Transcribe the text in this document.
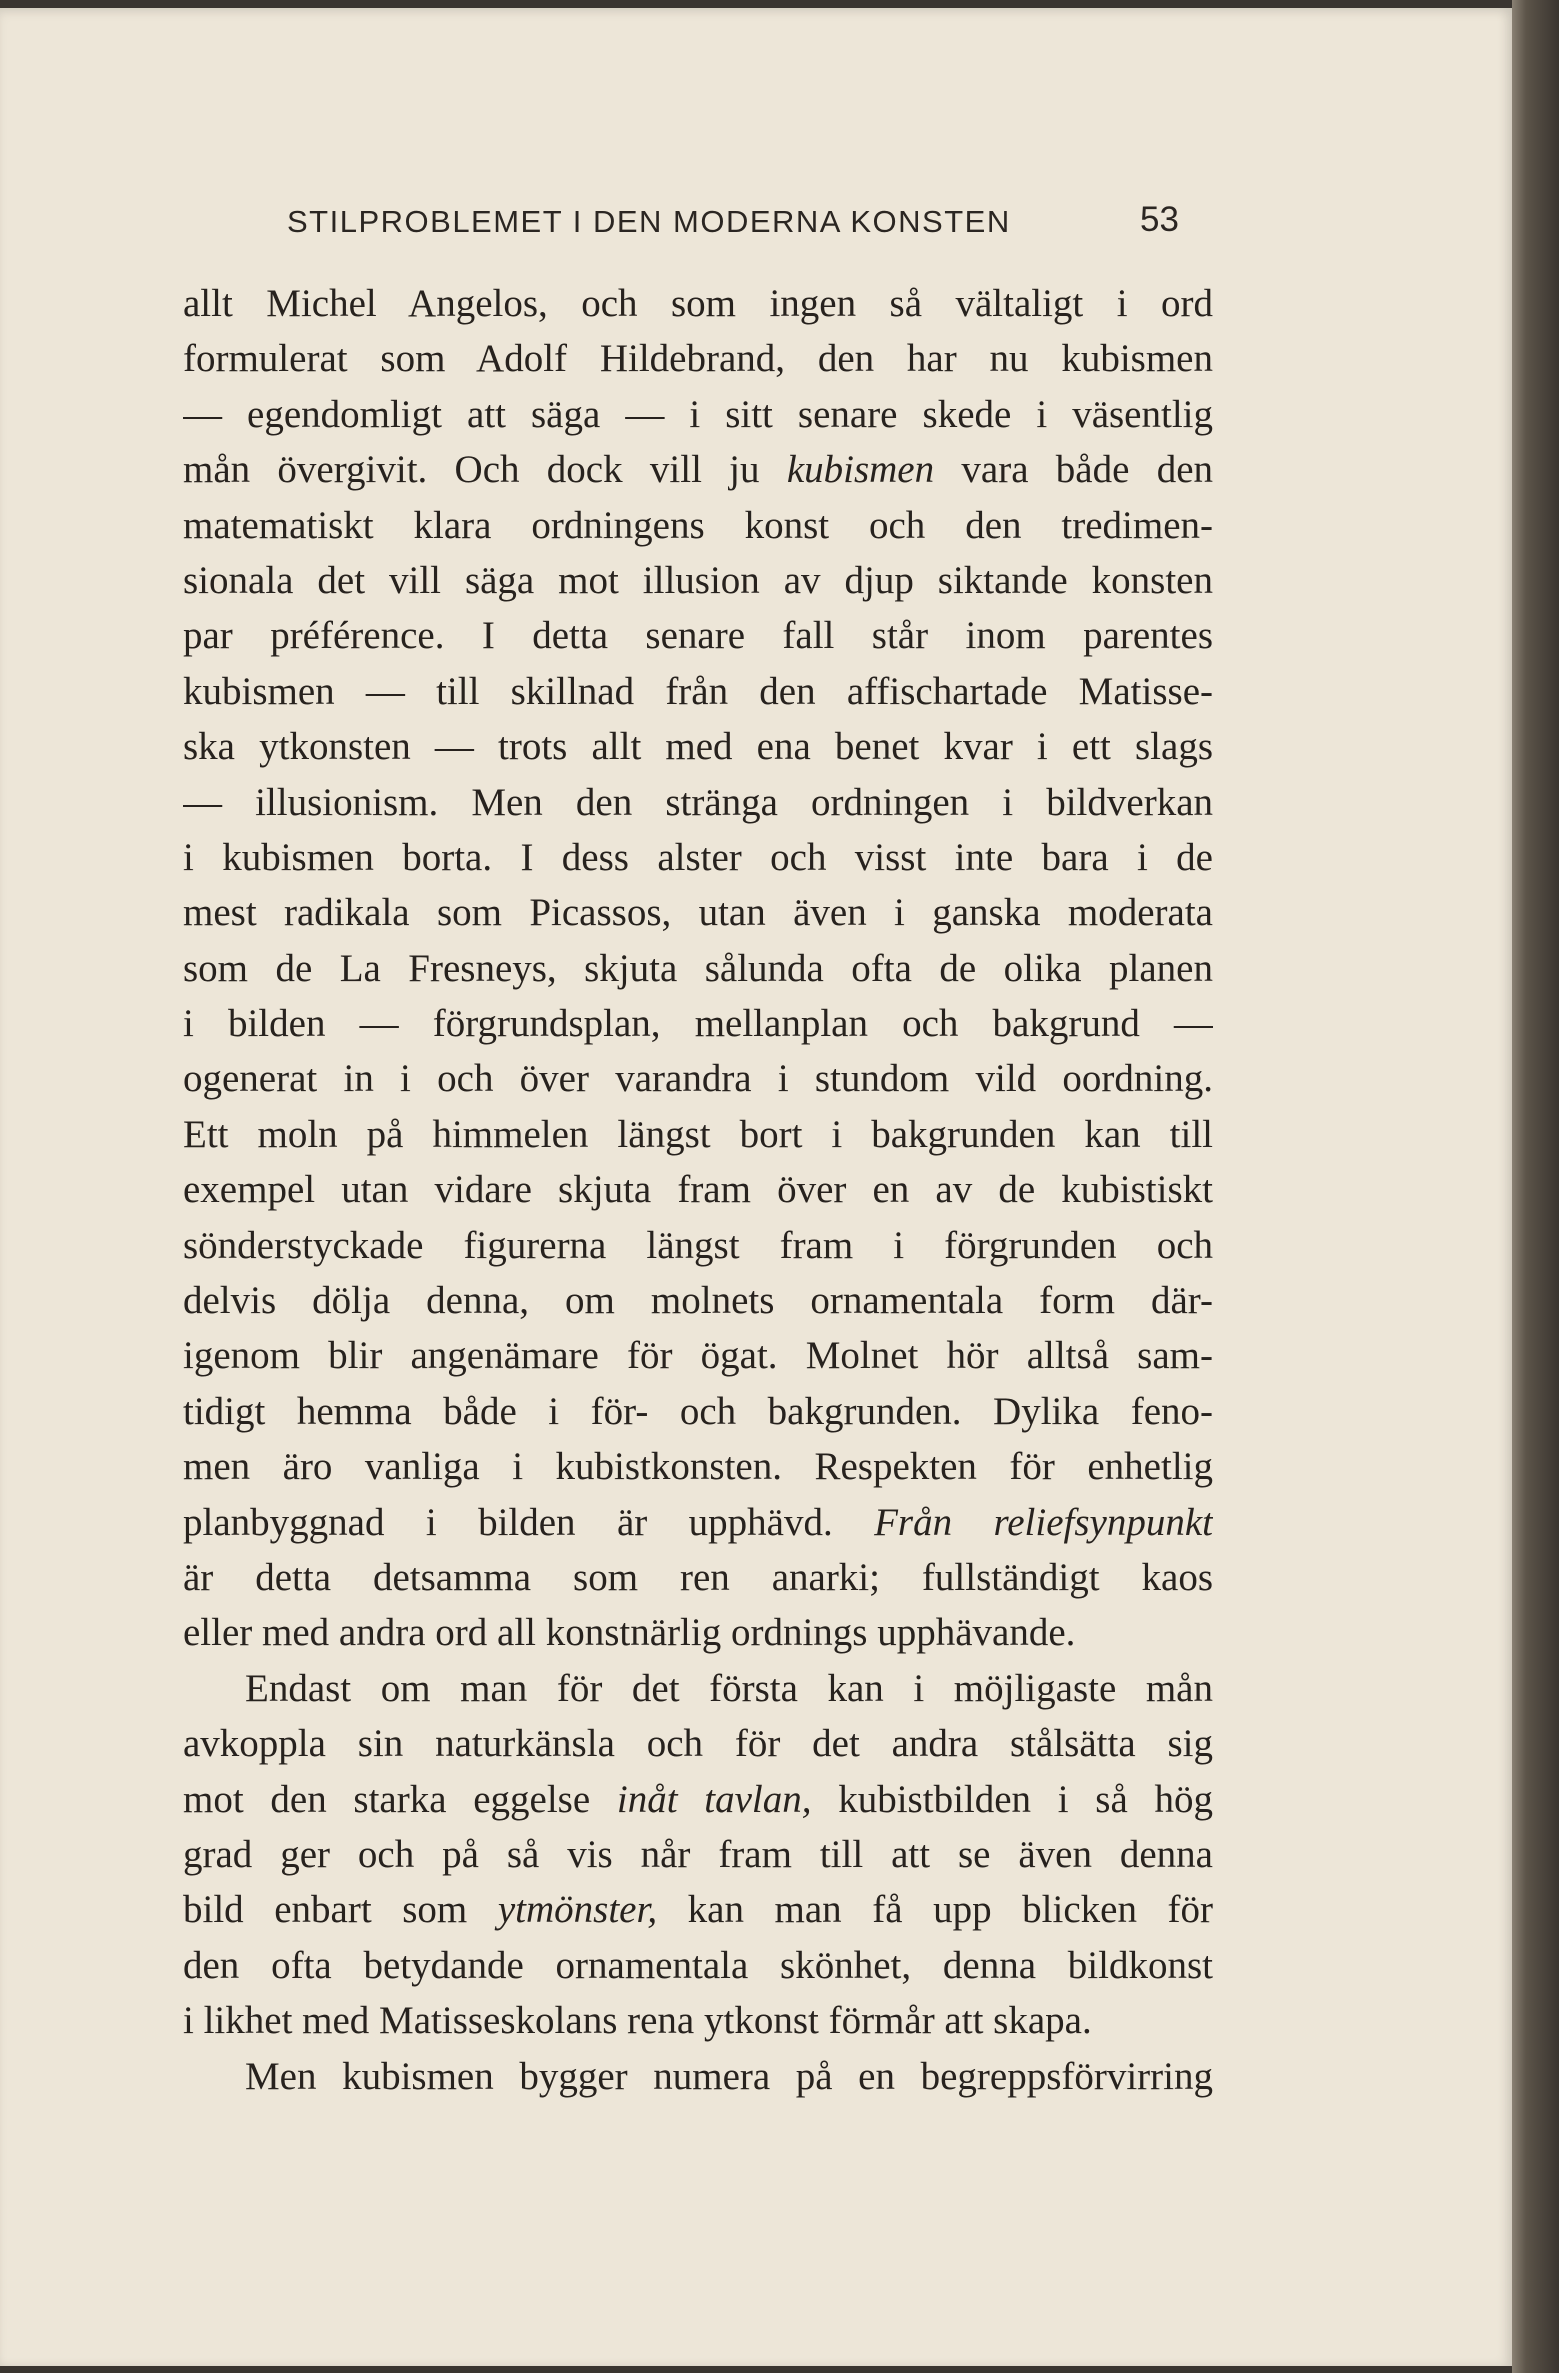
STILPROBLEMET I DEN MODERNA KONSTEN	53
allt Michel Angelos, och som ingen så vältaligt i ord
formulerat som Adolf Hildebrand, den har nu kubismen
— egendomligt att säga — i sitt senare skede i väsentlig
mån övergivit. Och dock vill ju kubismen vara både den
matematiskt klara ordningens konst och den tredimen-
sionala det vill säga mot illusion av djup siktande konsten
par préférence. I detta senare fall står inom parentes
kubismen — till skillnad från den affischartade Matisse-
ska ytkonsten — trots allt med ena benet kvar i ett slags
— illusionism. Men den stränga ordningen i bildverkan
i kubismen borta. I dess alster och visst inte bara i de
mest radikala som Picassos, utan även i ganska moderata
som de La Fresneys, skjuta sålunda ofta de olika planen
i bilden — förgrundsplan, mellanplan och bakgrund —
ogenerat in i och över varandra i stundom vild oordning.
Ett moln på himmelen längst bort i bakgrunden kan till
exempel utan vidare skjuta fram över en av de kubistiskt
sönderstyckade figurerna längst fram i förgrunden och
delvis dölja denna, om molnets ornamentala form där-
igenom blir angenämare för ögat. Molnet hör alltså sam-
tidigt hemma både i för- och bakgrunden. Dylika feno-
men äro vanliga i kubistkonsten. Respekten för enhetlig
planbyggnad i bilden är upphävd. Från reliefsynpunkt
är detta detsamma som ren anarki; fullständigt kaos
eller med andra ord all konstnärlig ordnings upphävande.
Endast om man för det första kan i möjligaste mån
avkoppla sin naturkänsla och för det andra stålsätta sig
mot den starka eggelse inåt tavlan, kubistbilden i så hög
grad ger och på så vis når fram till att se även denna
bild enbart som ytmönster, kan man få upp blicken för
den ofta betydande ornamentala skönhet, denna bildkonst
i likhet med Matisseskolans rena ytkonst förmår att skapa.
Men kubismen bygger numera på en begreppsförvirring
